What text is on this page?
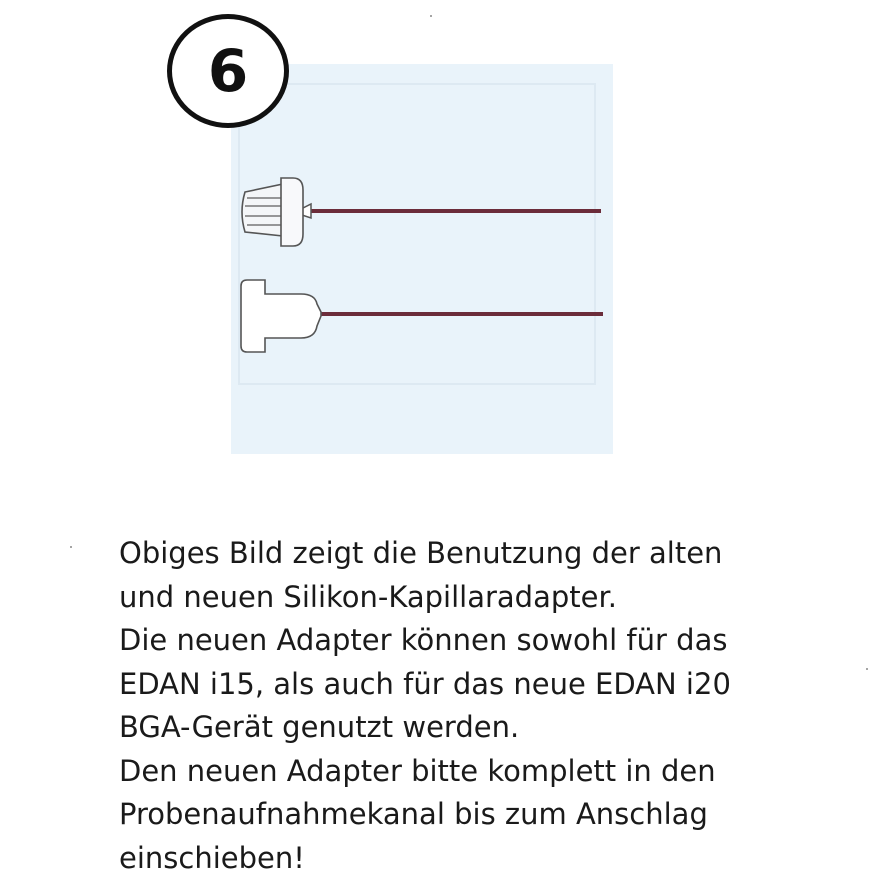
6
Obiges Bild zeigt die Benutzung der alten
und neuen Silikon-Kapillaradapter.
Die neuen Adapter können sowohl für das
EDAN i15, als auch für das neue EDAN i20
BGA-Gerät genutzt werden.
Den neuen Adapter bitte komplett in den
Probenaufnahmekanal bis zum Anschlag
einschieben!
